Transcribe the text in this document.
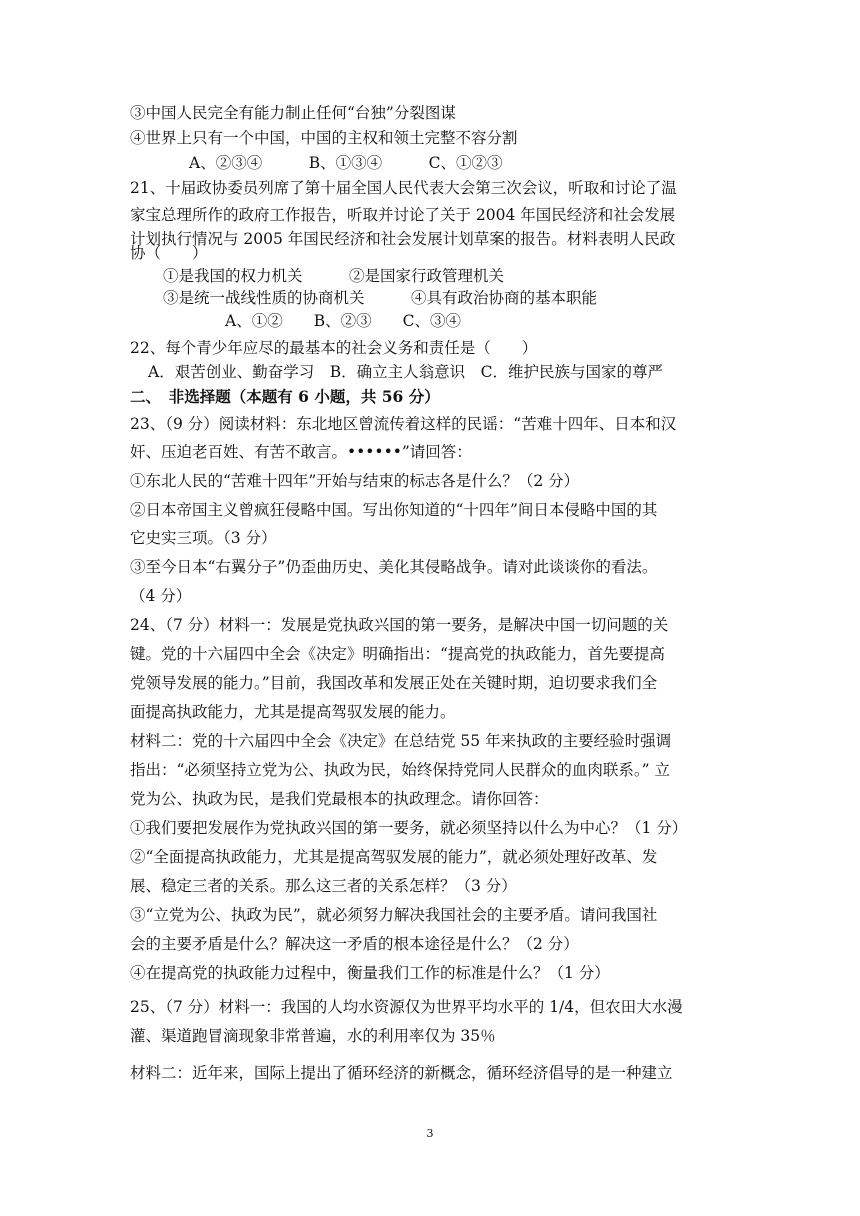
③中国人民完全有能力制止任何“台独”分裂图谋
④世界上只有一个中国，中国的主权和领土完整不容分割
A、②③④　　　B、①③④　　　C、①②③
21、十届政协委员列席了第十届全国人民代表大会第三次会议，听取和讨论了温
家宝总理所作的政府工作报告，听取并讨论了关于 2004 年国民经济和社会发展
计划执行情况与 2005 年国民经济和社会发展计划草案的报告。材料表明人民政
协（　　）
①是我国的权力机关　　　②是国家行政管理机关
③是统一战线性质的协商机关　　　④具有政治协商的基本职能
A、①②　　B、②③　　C、③④
22、每个青少年应尽的最基本的社会义务和责任是（　　）
A．艰苦创业、勤奋学习　B．确立主人翁意识　C．维护民族与国家的尊严
二、　非选择题（本题有 6 小题，共 56 分）
23、（9 分）阅读材料：东北地区曾流传着这样的民谣：“苦难十四年、日本和汉
奸、压迫老百姓、有苦不敢言。••••••”请回答：
①东北人民的“苦难十四年”开始与结束的标志各是什么？（2 分）
②日本帝国主义曾疯狂侵略中国。写出你知道的“十四年”间日本侵略中国的其
它史实三项。（3 分）
③至今日本“右翼分子”仍歪曲历史、美化其侵略战争。请对此谈谈你的看法。
（4 分）
24、（7 分）材料一：发展是党执政兴国的第一要务，是解决中国一切问题的关
键。党的十六届四中全会《决定》明确指出：“提高党的执政能力，首先要提高
党领导发展的能力。”目前，我国改革和发展正处在关键时期，迫切要求我们全
面提高执政能力，尤其是提高驾驭发展的能力。
材料二：党的十六届四中全会《决定》在总结党 55 年来执政的主要经验时强调
指出：“必须坚持立党为公、执政为民，始终保持党同人民群众的血肉联系。” 立
党为公、执政为民，是我们党最根本的执政理念。请你回答：
①我们要把发展作为党执政兴国的第一要务，就必须坚持以什么为中心？（1 分）
②“全面提高执政能力，尤其是提高驾驭发展的能力”，就必须处理好改革、发
展、稳定三者的关系。那么这三者的关系怎样？（3 分）
③“立党为公、执政为民”，就必须努力解决我国社会的主要矛盾。请问我国社
会的主要矛盾是什么？解决这一矛盾的根本途径是什么？（2 分）
④在提高党的执政能力过程中，衡量我们工作的标准是什么？（1 分）
25、（7 分）材料一：我国的人均水资源仅为世界平均水平的 1/4，但农田大水漫
灌、渠道跑冒滴现象非常普遍，水的利用率仅为 35％
材料二：近年来，国际上提出了循环经济的新概念，循环经济倡导的是一种建立
3
